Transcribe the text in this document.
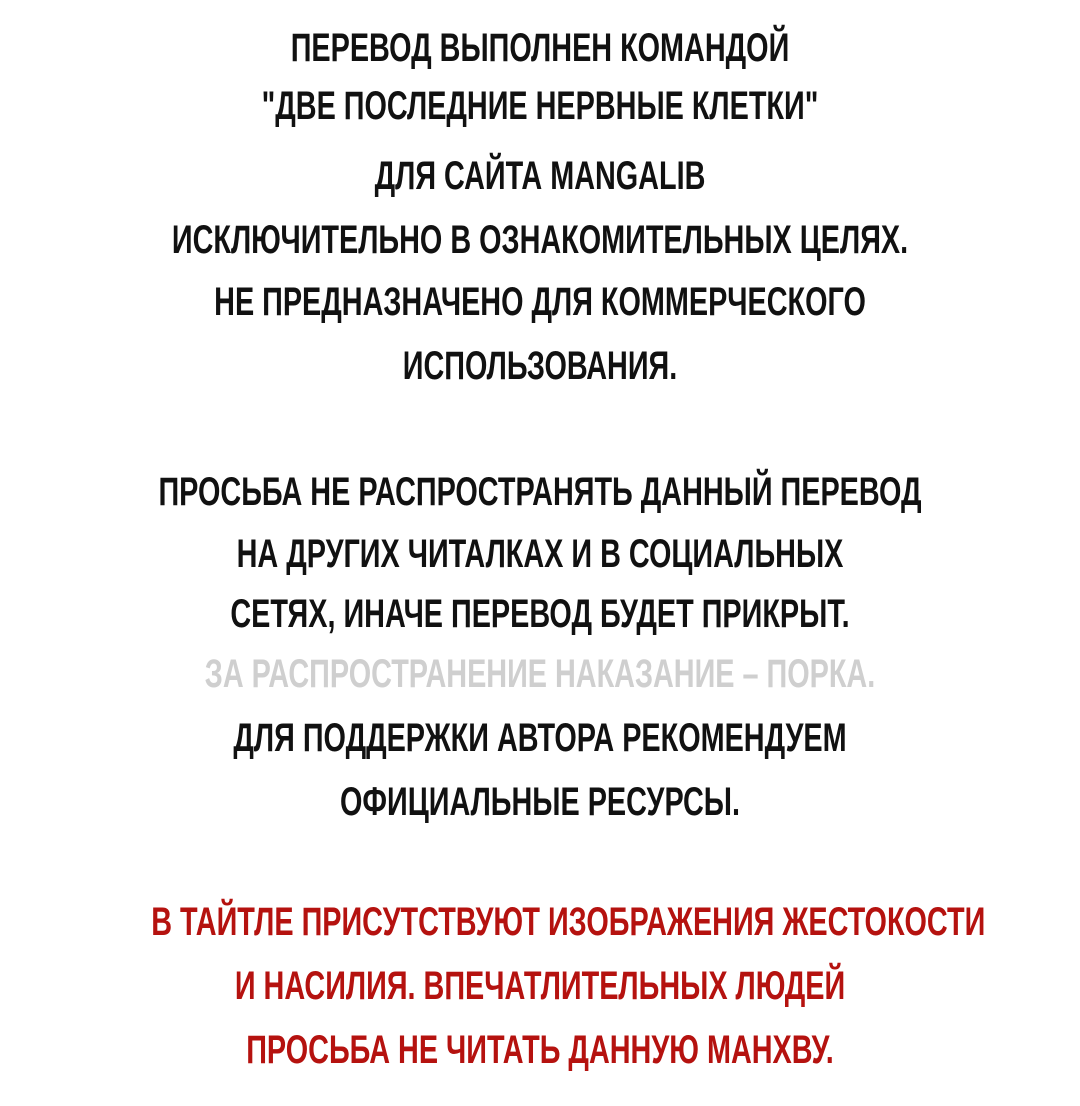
ПЕРЕВОД ВЫПОЛНЕН КОМАНДОЙ
"ДВЕ ПОСЛЕДНИЕ НЕРВНЫЕ КЛЕТКИ"
ДЛЯ САЙТА MANGALIB
ИСКЛЮЧИТЕЛЬНО В ОЗНАКОМИТЕЛЬНЫХ ЦЕЛЯХ.
НЕ ПРЕДНАЗНАЧЕНО ДЛЯ КОММЕРЧЕСКОГО
ИСПОЛЬЗОВАНИЯ.
ПРОСЬБА НЕ РАСПРОСТРАНЯТЬ ДАННЫЙ ПЕРЕВОД
НА ДРУГИХ ЧИТАЛКАХ И В СОЦИАЛЬНЫХ
СЕТЯХ, ИНАЧЕ ПЕРЕВОД БУДЕТ ПРИКРЫТ.
ЗА РАСПРОСТРАНЕНИЕ НАКАЗАНИЕ – ПОРКА.
ДЛЯ ПОДДЕРЖКИ АВТОРА РЕКОМЕНДУЕМ
ОФИЦИАЛЬНЫЕ РЕСУРСЫ.
В ТАЙТЛЕ ПРИСУТСТВУЮТ ИЗОБРАЖЕНИЯ ЖЕСТОКОСТИ
И НАСИЛИЯ. ВПЕЧАТЛИТЕЛЬНЫХ ЛЮДЕЙ
ПРОСЬБА НЕ ЧИТАТЬ ДАННУЮ МАНХВУ.
